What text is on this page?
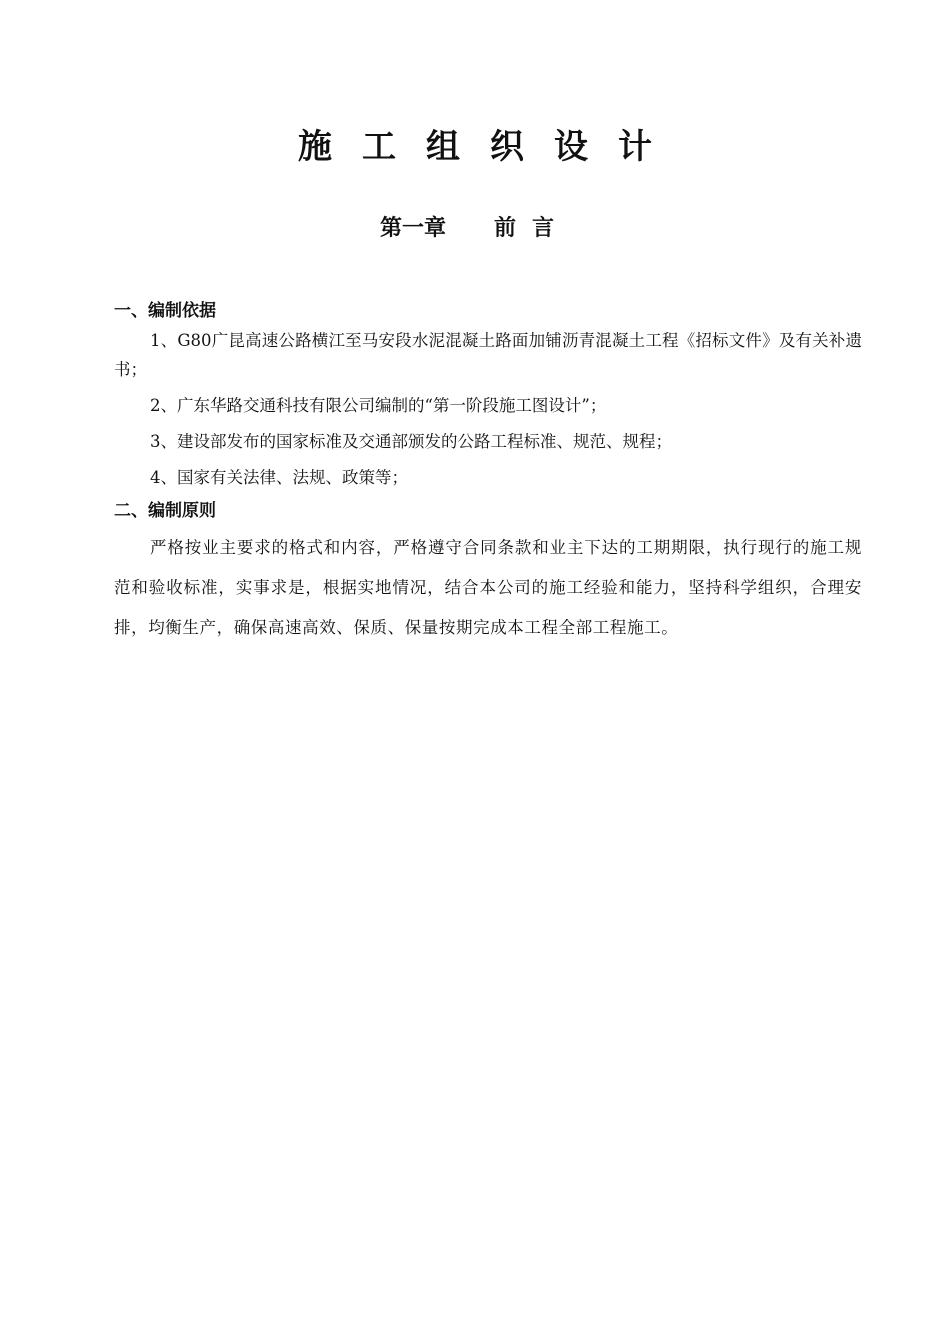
施工组织设计
第一章 前言

一、编制依据

1、G80广昆高速公路横江至马安段水泥混凝土路面加铺沥青混凝土工程《招标文件》及有关补遗书；

2、广东华路交通科技有限公司编制的“第一阶段施工图设计”；

3、建设部发布的国家标准及交通部颁发的公路工程标准、规范、规程；

4、国家有关法律、法规、政策等；

二、编制原则

严格按业主要求的格式和内容，严格遵守合同条款和业主下达的工期期限，执行现行的施工规范和验收标准，实事求是，根据实地情况，结合本公司的施工经验和能力，坚持科学组织，合理安排，均衡生产，确保高速高效、保质、保量按期完成本工程全部工程施工。
